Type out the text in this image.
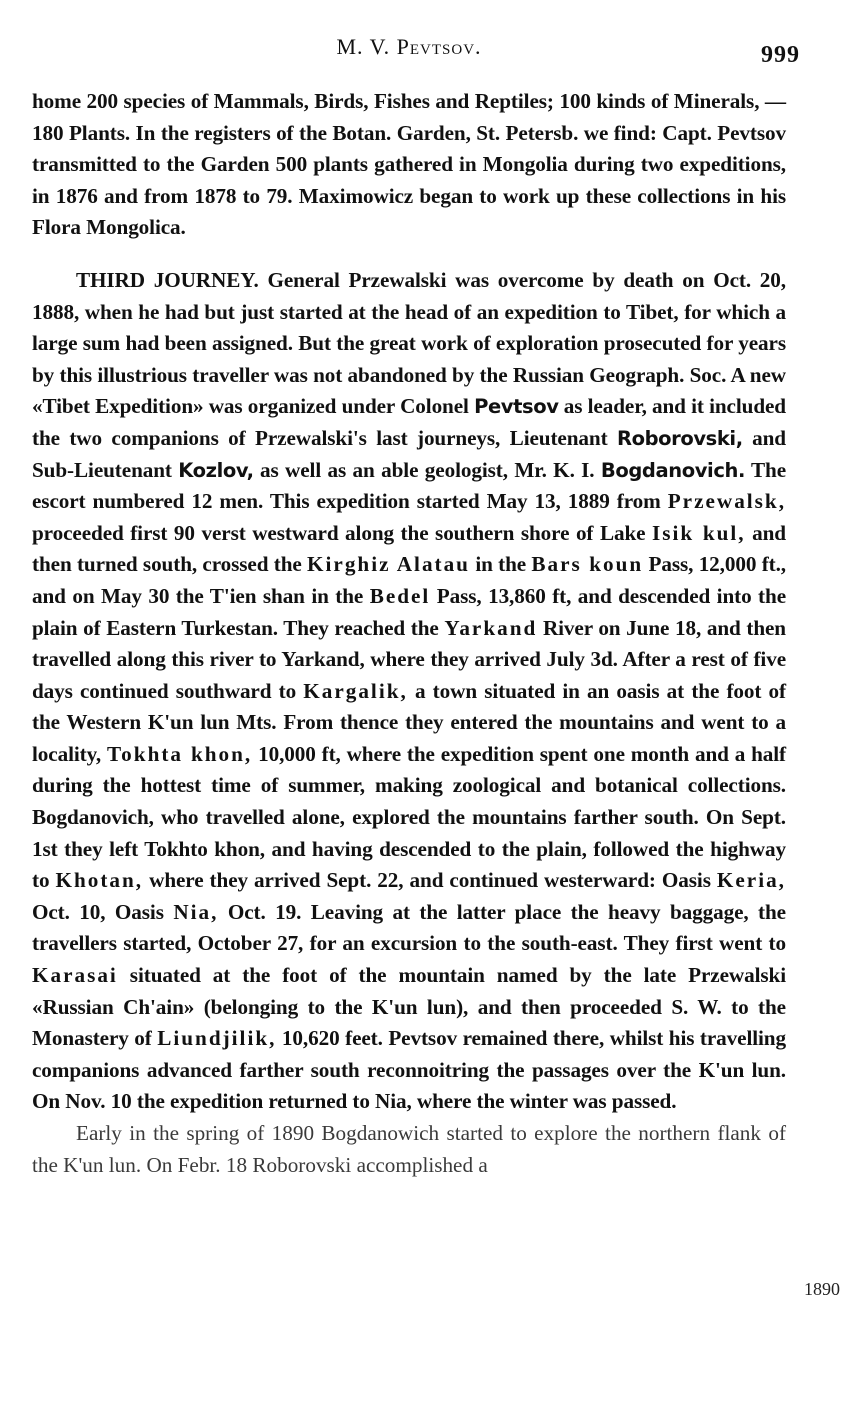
M. V. Pevtsov.	999

home 200 species of Mammals, Birds, Fishes and Reptiles; 100 kinds of Minerals, — 180 Plants. In the registers of the Botan. Garden, St. Petersb. we find: Capt. Pevtsov transmitted to the Garden 500 plants gathered in Mongolia during two expeditions, in 1876 and from 1878 to 79. Maximowicz began to work up these collections in his Flora Mongolica.

THIRD JOURNEY. General Przewalski was overcome by death on Oct. 20, 1888, when he had but just started at the head of an expedition to Tibet, for which a large sum had been assigned. But the great work of exploration prosecuted for years by this illustrious traveller was not abandoned by the Russian Geograph. Soc. A new «Tibet Expedition» was organized under Colonel Pevtsov as leader, and it included the two companions of Przewalski's last journeys, Lieutenant Roborovski, and Sub-Lieutenant Kozlov, as well as an able geologist, Mr. K. I. Bogdanovich. The escort numbered 12 men. This expedition started May 13, 1889 from Przewalsk, proceeded first 90 verst westward along the southern shore of Lake Isik kul, and then turned south, crossed the Kirghiz Alatau in the Bars koun Pass, 12,000 ft., and on May 30 the T'ien shan in the Bedel Pass, 13,860 ft, and descended into the plain of Eastern Turkestan. They reached the Yarkand River on June 18, and then travelled along this river to Yarkand, where they arrived July 3d. After a rest of five days continued southward to Kargalik, a town situated in an oasis at the foot of the Western K'un lun Mts. From thence they entered the mountains and went to a locality, Tokhta khon, 10,000 ft, where the expedition spent one month and a half during the hottest time of summer, making zoological and botanical collections. Bogdanovich, who travelled alone, explored the mountains farther south. On Sept. 1st they left Tokhto khon, and having descended to the plain, followed the highway to Khotan, where they arrived Sept. 22, and continued westerward: Oasis Keria, Oct. 10, Oasis Nia, Oct. 19. Leaving at the latter place the heavy baggage, the travellers started, October 27, for an excursion to the south-east. They first went to Karasai situated at the foot of the mountain named by the late Przewalski «Russian Ch'ain» (belonging to the K'un lun), and then proceeded S. W. to the Monastery of Liundjilik, 10,620 feet. Pevtsov remained there, whilst his travelling companions advanced farther south reconnoitring the passages over the K'un lun. On Nov. 10 the expedition returned to Nia, where the winter was passed.

Early in the spring of 1890 Bogdanowich started to explore the northern flank of the K'un lun. On Febr. 18 Roborovski accomplished a

1890
